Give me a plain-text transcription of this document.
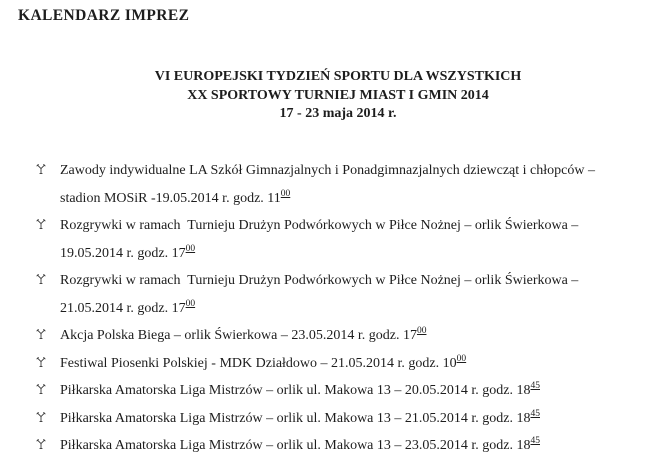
KALENDARZ IMPREZ
VI EUROPEJSKI TYDZIEŃ SPORTU DLA WSZYSTKICH
XX SPORTOWY TURNIEJ MIAST I GMIN 2014
17 - 23 maja 2014 r.
Zawody indywidualne LA Szkół Gimnazjalnych i Ponadgimnazjalnych dziewcząt i chłopców –
stadion MOSiR -19.05.2014 r. godz. $11^{00}$
Rozgrywki w ramach  Turnieju Drużyn Podwórkowych w Piłce Nożnej – orlik Świerkowa –
19.05.2014 r. godz. $17^{00}$
Rozgrywki w ramach  Turnieju Drużyn Podwórkowych w Piłce Nożnej – orlik Świerkowa –
21.05.2014 r. godz. $17^{00}$
Akcja Polska Biega – orlik Świerkowa – 23.05.2014 r. godz. $17^{00}$
Festiwal Piosenki Polskiej - MDK Działdowo – 21.05.2014 r. godz. $10^{00}$
Piłkarska Amatorska Liga Mistrzów – orlik ul. Makowa 13 – 20.05.2014 r. godz. $18^{45}$
Piłkarska Amatorska Liga Mistrzów – orlik ul. Makowa 13 – 21.05.2014 r. godz. $18^{45}$
Piłkarska Amatorska Liga Mistrzów – orlik ul. Makowa 13 – 23.05.2014 r. godz. $18^{45}$
